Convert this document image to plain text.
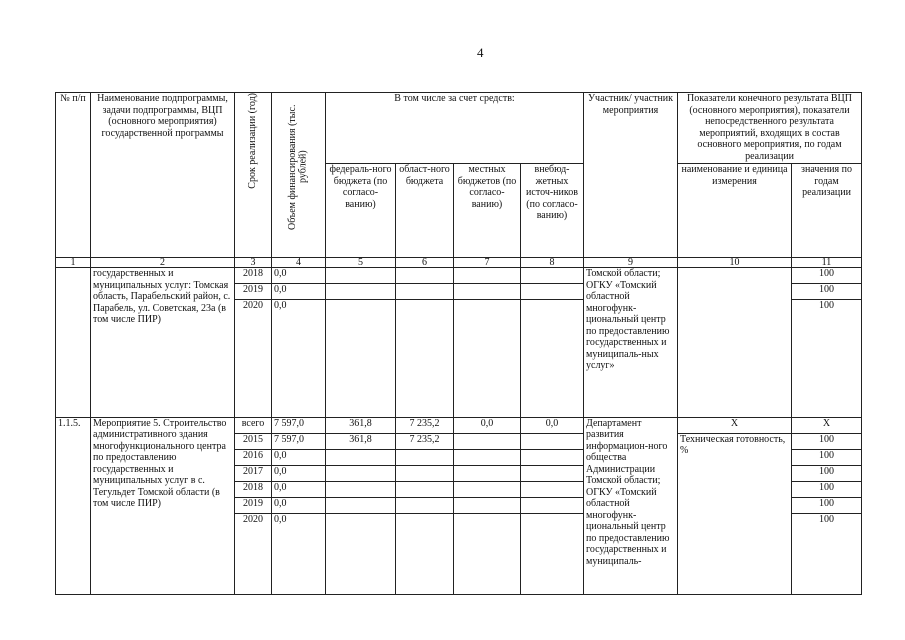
4
№ п/п	Наименование подпрограммы, задачи подпрограммы, ВЦП (основного мероприятия) государственной программы	Срок реализации (год)	Объем финансирования (тыс. рублей)	В том числе за счет средств:				Участник/ участник мероприятия	Показатели конечного результата ВЦП (основного мероприятия), показатели непосредственного результата мероприятий, входящих в состав основного мероприятия, по годам реализации	
				федераль-ного бюджета (по согласо-ванию)	област-ного бюджета	местных бюджетов (по согласо-ванию)	внебюд-жетных источ-ников (по согласо-ванию)		наименование и единица измерения	значения по годам реализации
1	2	3	4	5	6	7	8	9	10	11
	государственных и муниципальных услуг: Томская область, Парабельский район, с. Парабель, ул. Советская, 23а (в том числе ПИР)	2018	0,0					Томской области; ОГКУ «Томский областной многофунк-циональный центр по предоставлению государственных и муниципаль-ных услуг»		100
		2019	0,0							100
		2020	0,0							100

1.1.5.	Мероприятие 5. Строительство административного здания многофункционального центра по предоставлению государственных и муниципальных услуг в с. Тегульдет Томской области (в том числе ПИР)	всего	7 597,0	361,8	7 235,2	0,0	0,0	Департамент развития информацион-ного общества Администрации Томской области; ОГКУ «Томский областной многофунк-циональный центр по предоставлению государственных и муниципаль-	Х	Х
		2015	7 597,0	361,8	7 235,2				Техническая готовность, %	100
		2016	0,0							100
		2017	0,0							100
		2018	0,0							100
		2019	0,0							100
		2020	0,0							100
